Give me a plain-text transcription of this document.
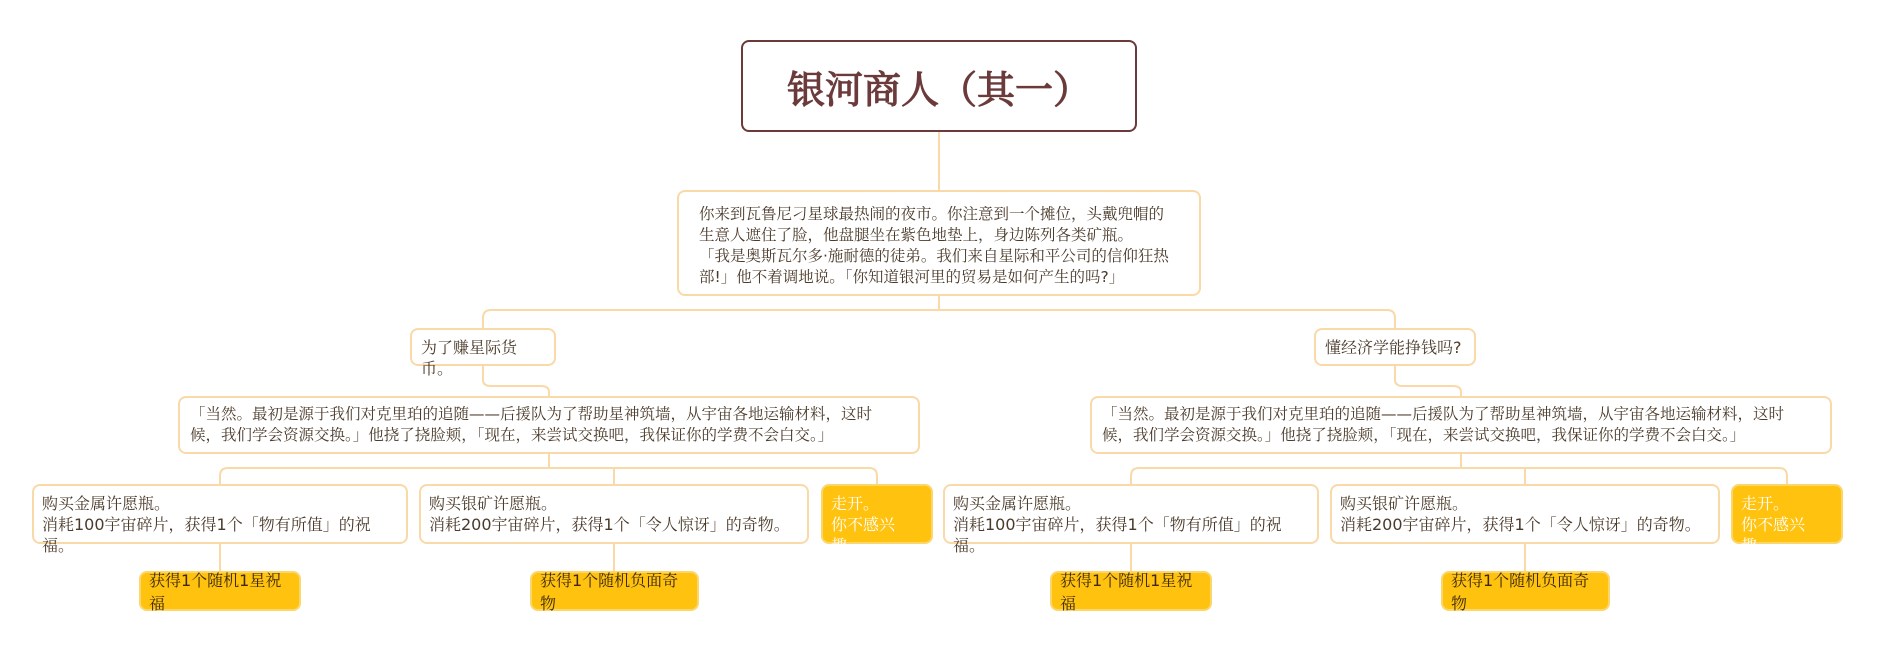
银河商人（其一）
你来到瓦鲁尼刁星球最热闹的夜市。你注意到一个摊位，头戴兜帽的
生意人遮住了脸，他盘腿坐在紫色地垫上，身边陈列各类矿瓶。
「我是奥斯瓦尔多·施耐德的徒弟。我们来自星际和平公司的信仰狂热
部!」他不着调地说。「你知道银河里的贸易是如何产生的吗?」
为了赚星际货币。
懂经济学能挣钱吗?
「当然。最初是源于我们对克里珀的追随——后援队为了帮助星神筑墙，从宇宙各地运输材料，这时
候，我们学会资源交换。」他挠了挠脸颊，「现在，来尝试交换吧，我保证你的学费不会白交。」
「当然。最初是源于我们对克里珀的追随——后援队为了帮助星神筑墙，从宇宙各地运输材料，这时
候，我们学会资源交换。」他挠了挠脸颊，「现在，来尝试交换吧，我保证你的学费不会白交。」
购买金属许愿瓶。
消耗100宇宙碎片，获得1个「物有所值」的祝福。
购买银矿许愿瓶。
消耗200宇宙碎片，获得1个「令人惊讶」的奇物。
走开。
你不感兴趣。
购买金属许愿瓶。
消耗100宇宙碎片，获得1个「物有所值」的祝福。
购买银矿许愿瓶。
消耗200宇宙碎片，获得1个「令人惊讶」的奇物。
走开。
你不感兴趣。
获得1个随机1星祝福
获得1个随机负面奇物
获得1个随机1星祝福
获得1个随机负面奇物
